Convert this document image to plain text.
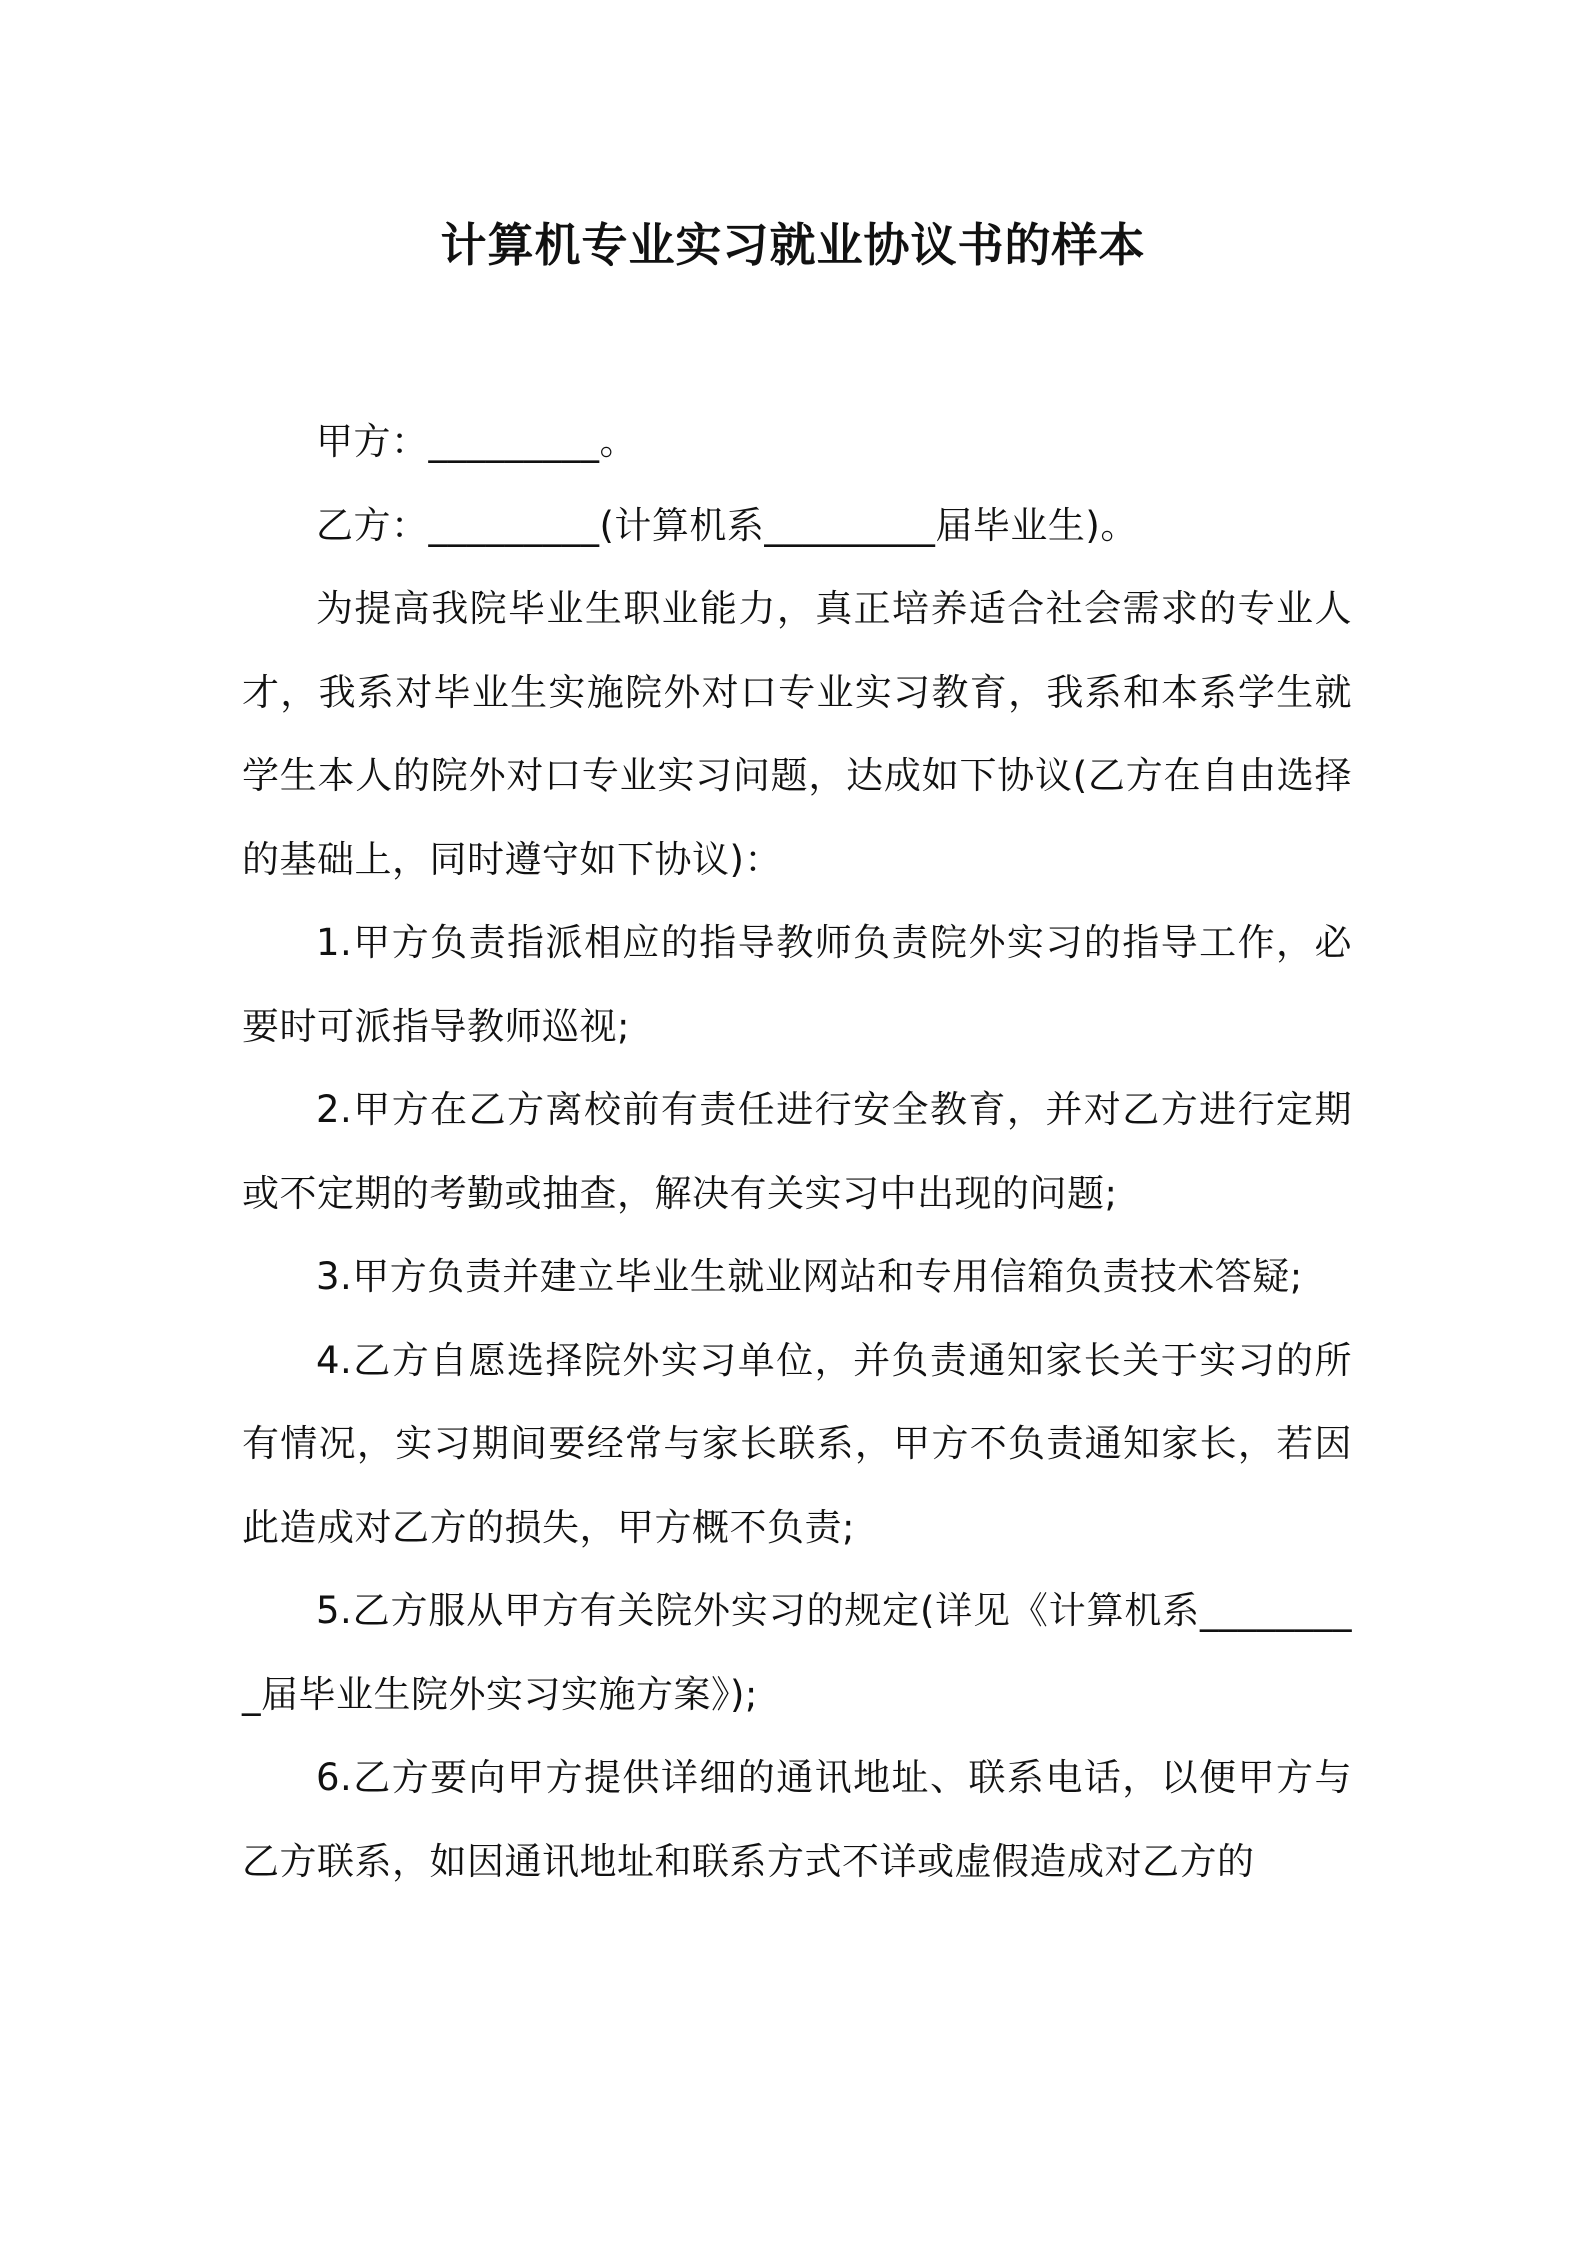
计算机专业实习就业协议书的样本

甲方：_________。

乙方：_________(计算机系_________届毕业生)。

为提高我院毕业生职业能力，真正培养适合社会需求的专业人才，我系对毕业生实施院外对口专业实习教育，我系和本系学生就学生本人的院外对口专业实习问题，达成如下协议(乙方在自由选择的基础上，同时遵守如下协议)：

1.甲方负责指派相应的指导教师负责院外实习的指导工作，必要时可派指导教师巡视;

2.甲方在乙方离校前有责任进行安全教育，并对乙方进行定期或不定期的考勤或抽查，解决有关实习中出现的问题;

3.甲方负责并建立毕业生就业网站和专用信箱负责技术答疑;

4.乙方自愿选择院外实习单位，并负责通知家长关于实习的所有情况，实习期间要经常与家长联系，甲方不负责通知家长，若因此造成对乙方的损失，甲方概不负责;

5.乙方服从甲方有关院外实习的规定(详见《计算机系_________届毕业生院外实习实施方案》);

6.乙方要向甲方提供详细的通讯地址、联系电话，以便甲方与乙方联系，如因通讯地址和联系方式不详或虚假造成对乙方的
